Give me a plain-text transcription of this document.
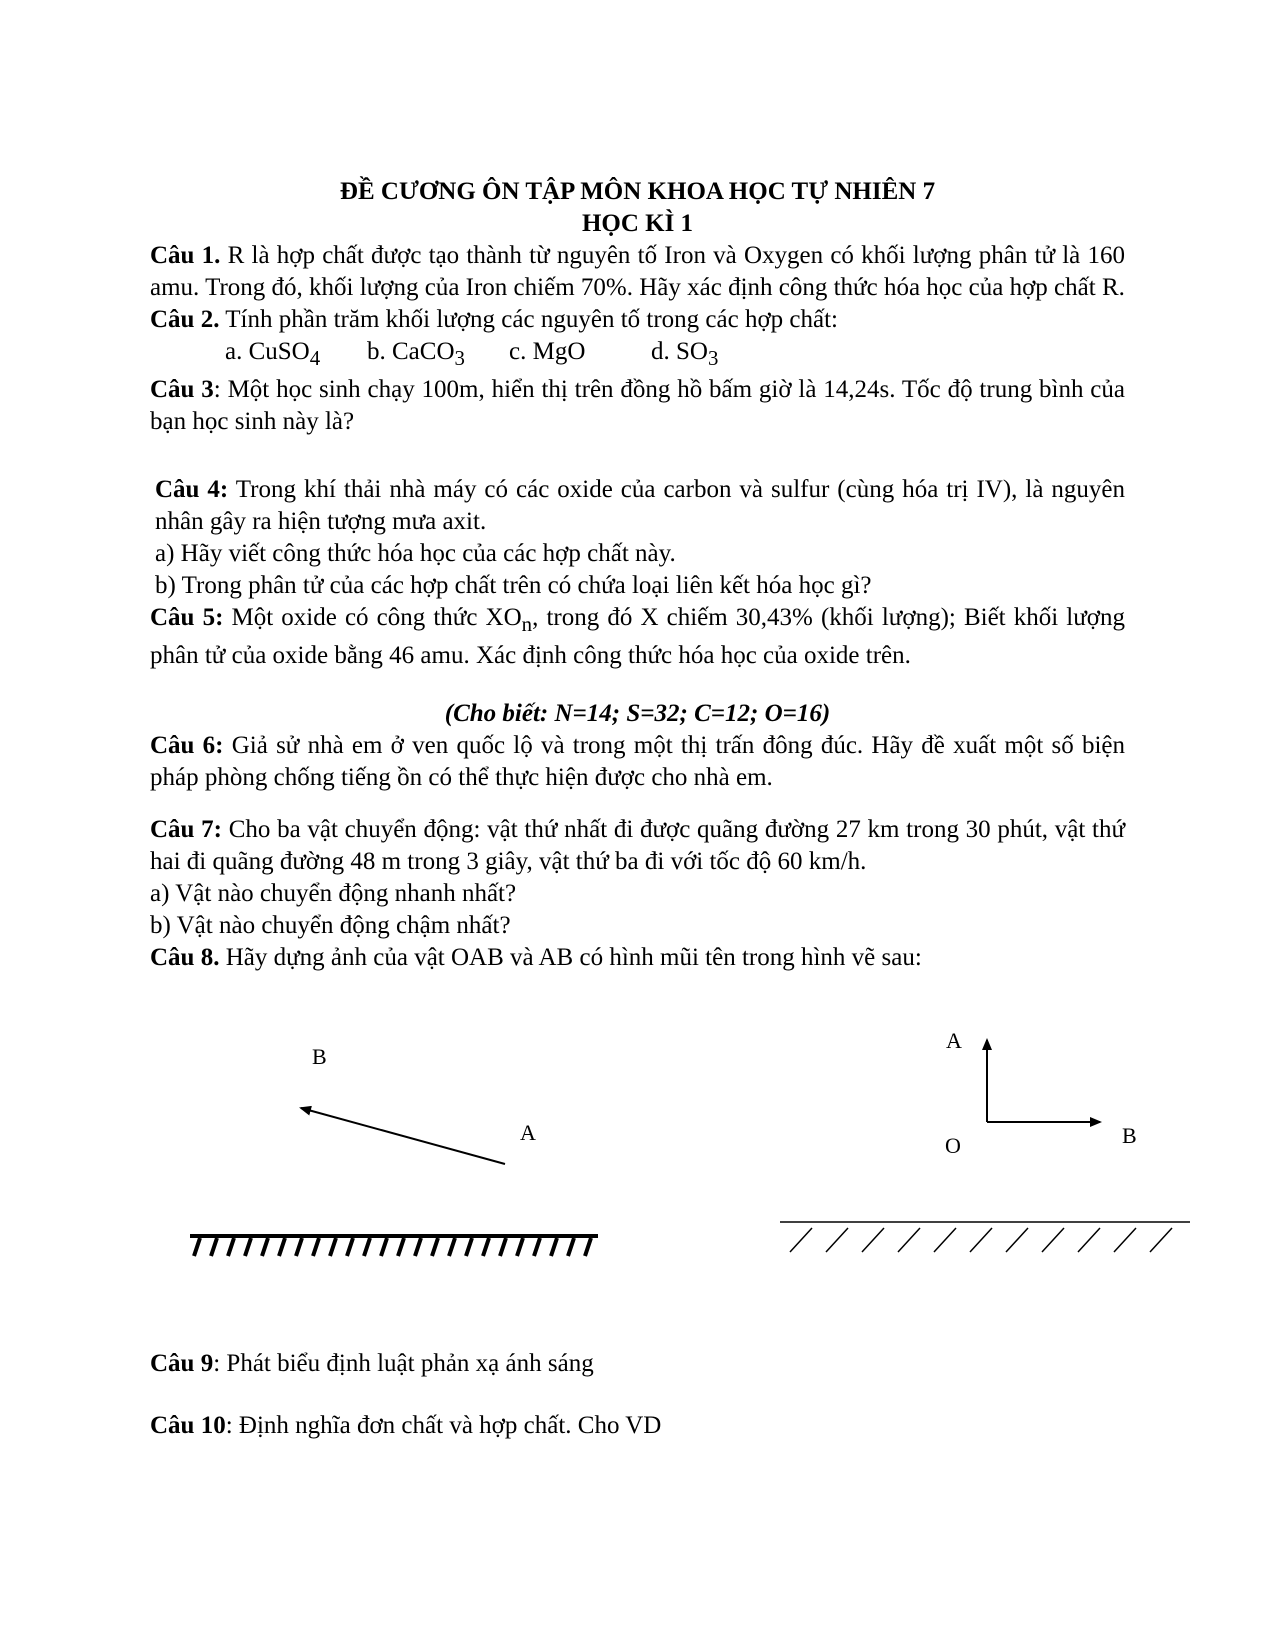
ĐỀ CƯƠNG ÔN TẬP MÔN KHOA HỌC TỰ NHIÊN 7
HỌC KÌ 1

Câu 1. R là hợp chất được tạo thành từ nguyên tố Iron và Oxygen có khối lượng phân tử là 160 amu. Trong đó, khối lượng của Iron chiếm 70%. Hãy xác định công thức hóa học của hợp chất R.

Câu 2. Tính phần trăm khối lượng các nguyên tố trong các hợp chất:

a. CuSO$_4$ b. CaCO$_3$ c. MgO	d. $SO_3$

Câu 3: Một học sinh chạy 100m, hiển thị trên đồng hồ bấm giờ là 14,24s. Tốc độ trung bình của bạn học sinh này là?

Câu 4: Trong khí thải nhà máy có các oxide của carbon và sulfur (cùng hóa trị IV), là nguyên nhân gây ra hiện tượng mưa axit.

a) Hãy viết công thức hóa học của các hợp chất này.

b) Trong phân tử của các hợp chất trên có chứa loại liên kết hóa học gì?

Câu 5: Một oxide có công thức $XO_n$, trong đó X chiếm 30,43% (khối lượng); Biết khối lượng phân tử của oxide bằng 46 amu. Xác định công thức hóa học của oxide trên.

(Cho biết: N=14; S=32; C=12; O=16)

Câu 6: Giả sử nhà em ở ven quốc lộ và trong một thị trấn đông đúc. Hãy đề xuất một số biện pháp phòng chống tiếng ồn có thể thực hiện được cho nhà em.

Câu 7: Cho ba vật chuyển động: vật thứ nhất đi được quãng đường 27 km trong 30 phút, vật thứ hai đi quãng đường 48 m trong 3 giây, vật thứ ba đi với tốc độ 60 km/h.

a) Vật nào chuyển động nhanh nhất?

b) Vật nào chuyển động chậm nhất?

Câu 8. Hãy dựng ảnh của vật OAB và AB có hình mũi tên trong hình vẽ sau:

B
A
A
O	B

Câu 9: Phát biểu định luật phản xạ ánh sáng

Câu 10: Định nghĩa đơn chất và hợp chất. Cho VD
